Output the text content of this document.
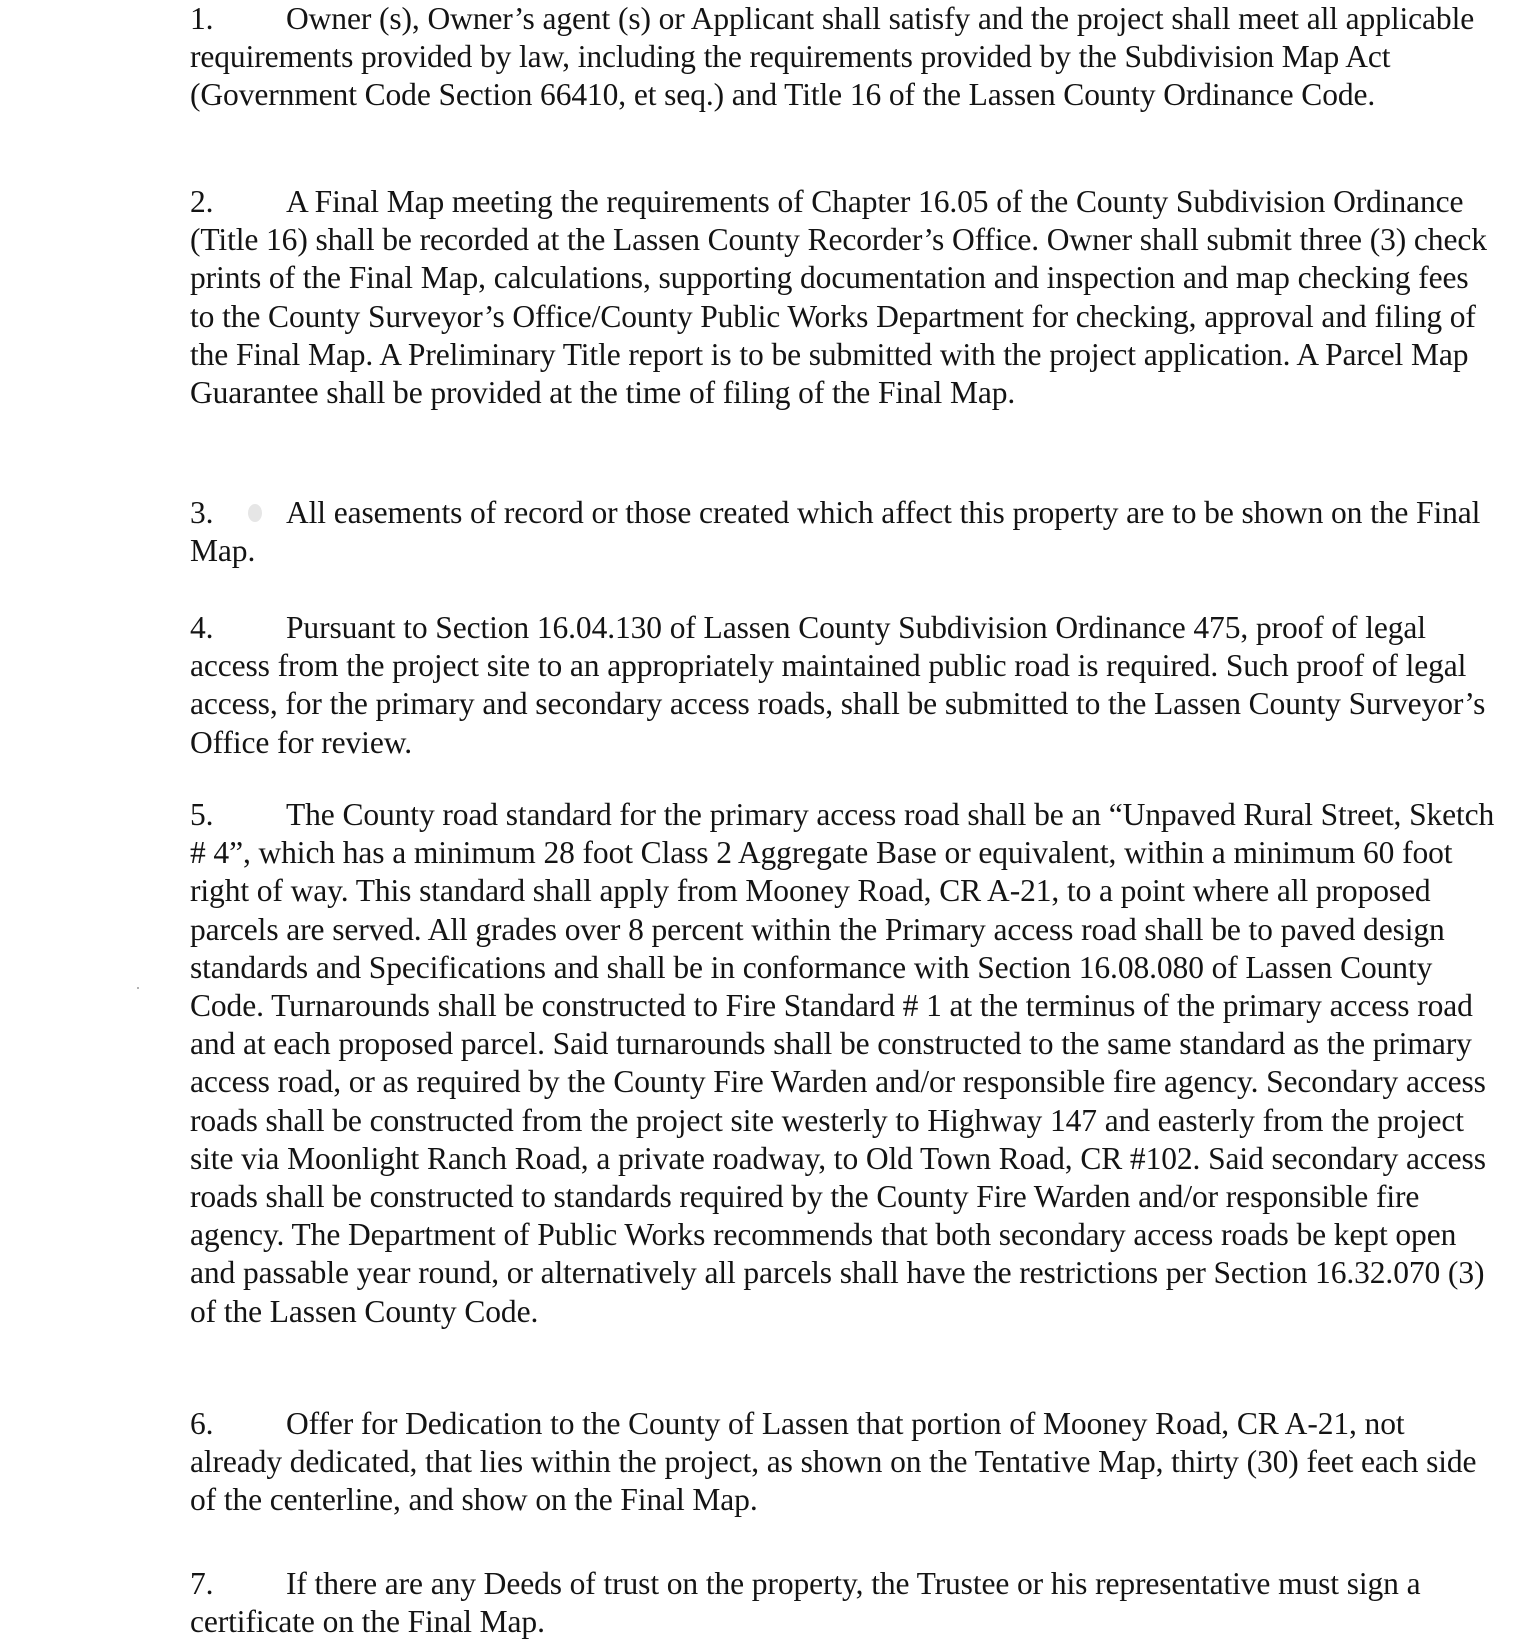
1. Owner (s), Owner’s agent (s) or Applicant shall satisfy and the project shall meet all applicable requirements provided by law, including the requirements provided by the Subdivision Map Act (Government Code Section 66410, et seq.) and Title 16 of the Lassen County Ordinance Code.
2. A Final Map meeting the requirements of Chapter 16.05 of the County Subdivision Ordinance (Title 16) shall be recorded at the Lassen County Recorder’s Office. Owner shall submit three (3) check prints of the Final Map, calculations, supporting documentation and inspection and map checking fees to the County Surveyor’s Office/County Public Works Department for checking, approval and filing of the Final Map. A Preliminary Title report is to be submitted with the project application. A Parcel Map Guarantee shall be provided at the time of filing of the Final Map.
3. All easements of record or those created which affect this property are to be shown on the Final Map.
4. Pursuant to Section 16.04.130 of Lassen County Subdivision Ordinance 475, proof of legal access from the project site to an appropriately maintained public road is required. Such proof of legal access, for the primary and secondary access roads, shall be submitted to the Lassen County Surveyor’s Office for review.
5. The County road standard for the primary access road shall be an “Unpaved Rural Street, Sketch # 4”, which has a minimum 28 foot Class 2 Aggregate Base or equivalent, within a minimum 60 foot right of way. This standard shall apply from Mooney Road, CR A-21, to a point where all proposed parcels are served. All grades over 8 percent within the Primary access road shall be to paved design standards and Specifications and shall be in conformance with Section 16.08.080 of Lassen County Code. Turnarounds shall be constructed to Fire Standard # 1 at the terminus of the primary access road and at each proposed parcel. Said turnarounds shall be constructed to the same standard as the primary access road, or as required by the County Fire Warden and/or responsible fire agency. Secondary access roads shall be constructed from the project site westerly to Highway 147 and easterly from the project site via Moonlight Ranch Road, a private roadway, to Old Town Road, CR #102. Said secondary access roads shall be constructed to standards required by the County Fire Warden and/or responsible fire agency. The Department of Public Works recommends that both secondary access roads be kept open and passable year round, or alternatively all parcels shall have the restrictions per Section 16.32.070 (3) of the Lassen County Code.
6. Offer for Dedication to the County of Lassen that portion of Mooney Road, CR A-21, not already dedicated, that lies within the project, as shown on the Tentative Map, thirty (30) feet each side of the centerline, and show on the Final Map.
7. If there are any Deeds of trust on the property, the Trustee or his representative must sign a certificate on the Final Map.
